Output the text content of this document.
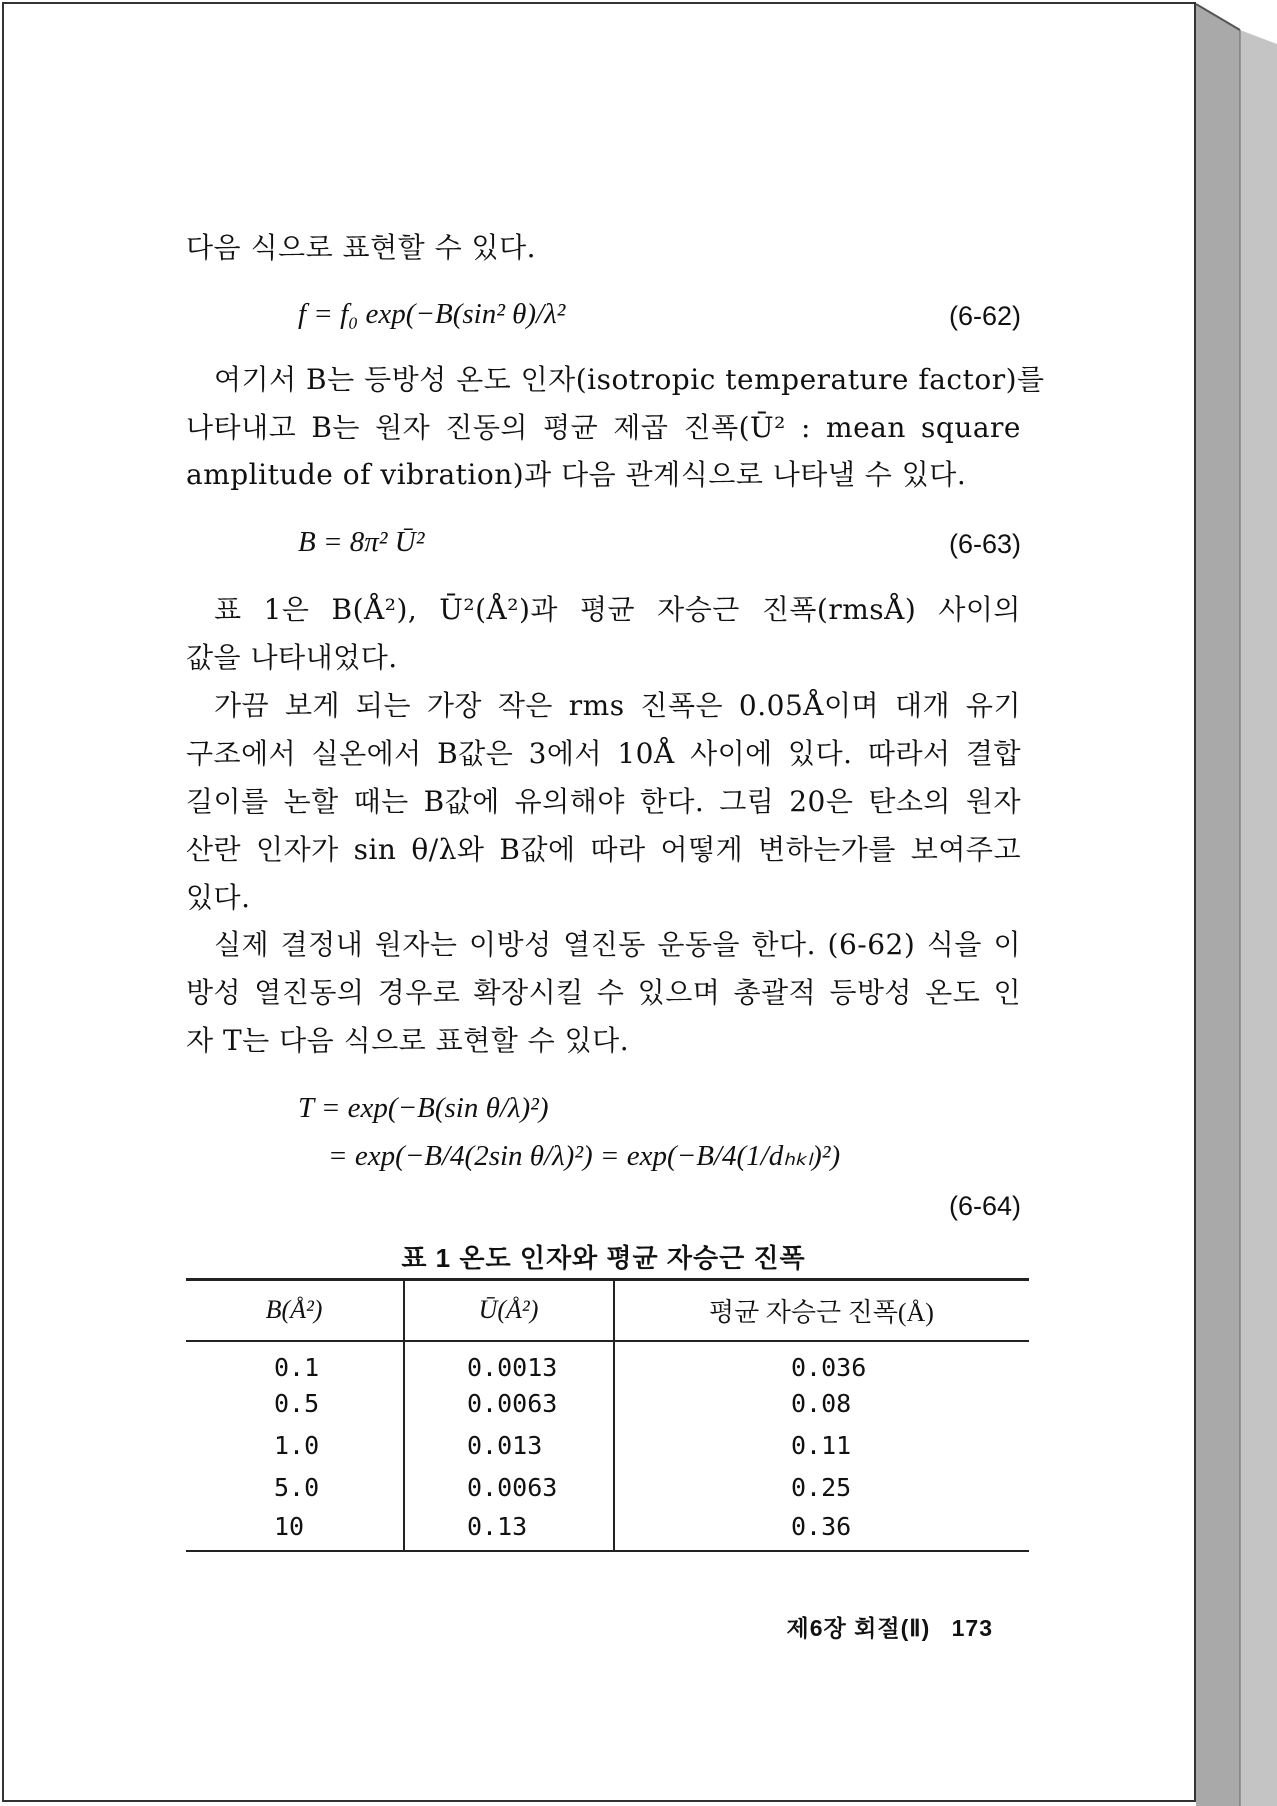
다음 식으로 표현할 수 있다.
f = f₀ exp(−B(sin² θ)/λ²	(6-62)
여기서 B는 등방성 온도 인자(isotropic temperature factor)를
나타내고 B는 원자 진동의 평균 제곱 진폭(Ū² : mean square
amplitude of vibration)과 다음 관계식으로 나타낼 수 있다.
B = 8π² Ū²	(6-63)
표 1은 B(Å²), Ū²(Å²)과 평균 자승근 진폭(rmsÅ) 사이의
값을 나타내었다.
가끔 보게 되는 가장 작은 rms 진폭은 0.05Å이며 대개 유기
구조에서 실온에서 B값은 3에서 10Å 사이에 있다. 따라서 결합
길이를 논할 때는 B값에 유의해야 한다. 그림 20은 탄소의 원자
산란 인자가 sin θ/λ와 B값에 따라 어떻게 변하는가를 보여주고
있다.
실제 결정내 원자는 이방성 열진동 운동을 한다. (6-62) 식을 이
방성 열진동의 경우로 확장시킬 수 있으며 총괄적 등방성 온도 인
자 T는 다음 식으로 표현할 수 있다.
T = exp(−B(sin θ/λ)²)
= exp(−B/4(2sin θ/λ)²) = exp(−B/4(1/dₕₖₗ)²)
(6-64)
표 1 온도 인자와 평균 자승근 진폭

B(Å²)	Ū(Å²)	평균 자승근 진폭(Å)
0.1	0.0013	0.036
0.5	0.0063	0.08
1.0	0.013	0.11
5.0	0.0063	0.25
10	0.13	0.36
제6장 회절(Ⅱ) 173
